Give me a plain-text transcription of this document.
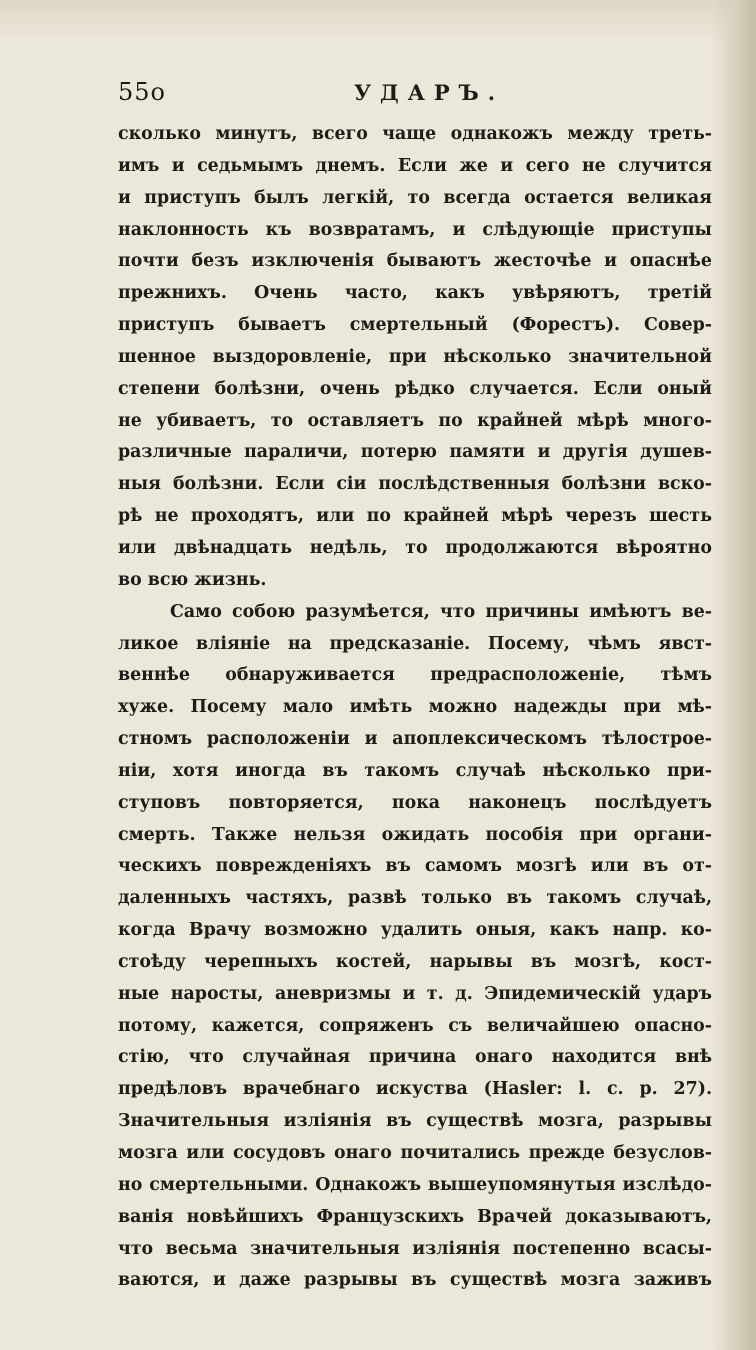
55о	УДАРЪ.
сколько минутъ, всего чаще однакожъ между треть-
имъ и седьмымъ днемъ. Если же и сего не случится
и приступъ былъ легкій, то всегда остается великая
наклонность къ возвратамъ, и слѣдующіе приступы
почти безъ изключенія бываютъ жесточѣе и опаснѣе
прежнихъ. Очень часто, какъ увѣряютъ, третій
приступъ бываетъ смертельный (Форестъ). Совер-
шенное выздоровленіе, при нѣсколько значительной
степени болѣзни, очень рѣдко случается. Если оный
не убиваетъ, то оставляетъ по крайней мѣрѣ много-
различные параличи, потерю памяти и другія душев-
ныя болѣзни. Если сіи послѣдственныя болѣзни вско-
рѣ не проходятъ, или по крайней мѣрѣ черезъ шесть
или двѣнадцать недѣль, то продолжаются вѣроятно
во всю жизнь.
Само собою разумѣется, что причины имѣютъ ве-
ликое вліяніе на предсказаніе. Посему, чѣмъ явст-
веннѣе обнаруживается предрасположеніе, тѣмъ
хуже. Посему мало имѣть можно надежды при мѣ-
стномъ расположеніи и апоплексическомъ тѣлострое-
ніи, хотя иногда въ такомъ случаѣ нѣсколько при-
ступовъ повторяется, пока наконецъ послѣдуетъ
смерть. Также нельзя ожидать пособія при органи-
ческихъ поврежденіяхъ въ самомъ мозгѣ или въ от-
даленныхъ частяхъ, развѣ только въ такомъ случаѣ,
когда Врачу возможно удалить оныя, какъ напр. ко-
стоѣду черепныхъ костей, нарывы въ мозгѣ, кост-
ные наросты, аневризмы и т. д. Эпидемическій ударъ
потому, кажется, сопряженъ съ величайшею опасно-
стію, что случайная причина онаго находится внѣ
предѣловъ врачебнаго искуства (Hasler: l. c. p. 27).
Значительныя изліянія въ существѣ мозга, разрывы
мозга или сосудовъ онаго почитались прежде безуслов-
но смертельными. Однакожъ вышеупомянутыя изслѣдо-
ванія новѣйшихъ Французскихъ Врачей доказываютъ,
что весьма значительныя изліянія постепенно всасы-
ваются, и даже разрывы въ существѣ мозга заживъ
